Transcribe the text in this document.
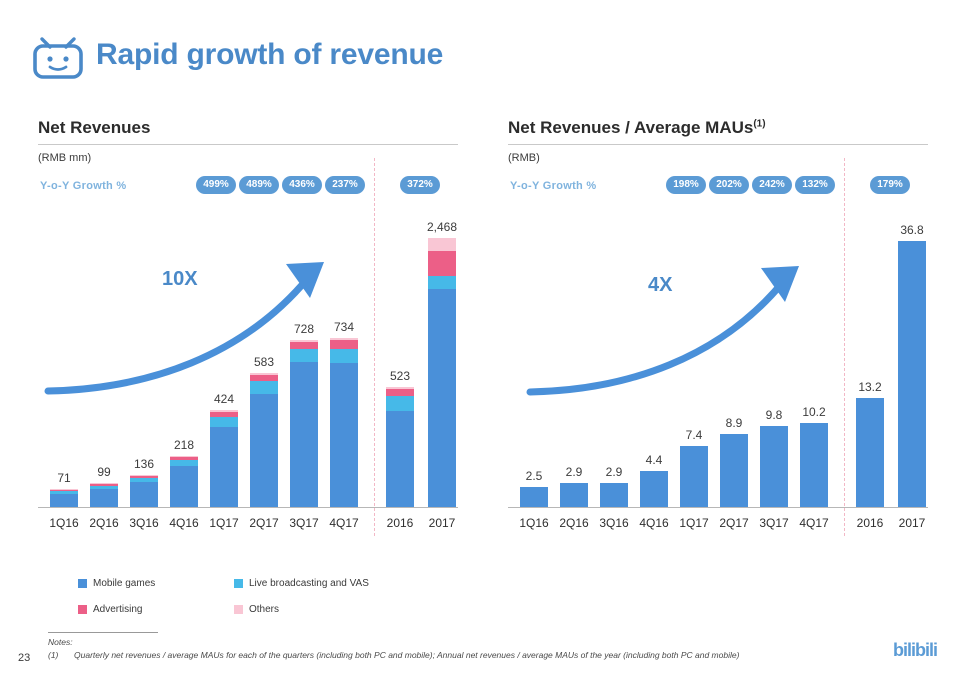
Rapid growth of revenue
Net Revenues
(RMB mm)
Y-o-Y Growth %	499%	489%	436%	237%	372%
10X
71 99
136
218
424
583
728 734
523
2,468
1Q16 2Q16 3Q16 4Q16 1Q17 2Q17 3Q17 4Q17	2016	2017
Net Revenues / Average MAUs$^{(1)}$
(RMB)
Y-o-Y Growth %	198%	202%	242%	132%	179%
4X
2.5 2.9 2.9
4.4
7.4
8.9
9.8 10.2
13.2
36.8
1Q16 2Q16 3Q16 4Q16 1Q17 2Q17 3Q17 4Q17	2016	2017
Mobile games	Live broadcasting and VAS
Advertising	Others
Notes:
(1)	Quarterly net revenues / average MAUs for each of the quarters (including both PC and mobile); Annual net revenues / average MAUs of the year (including both PC and mobile)
23	bilibili
